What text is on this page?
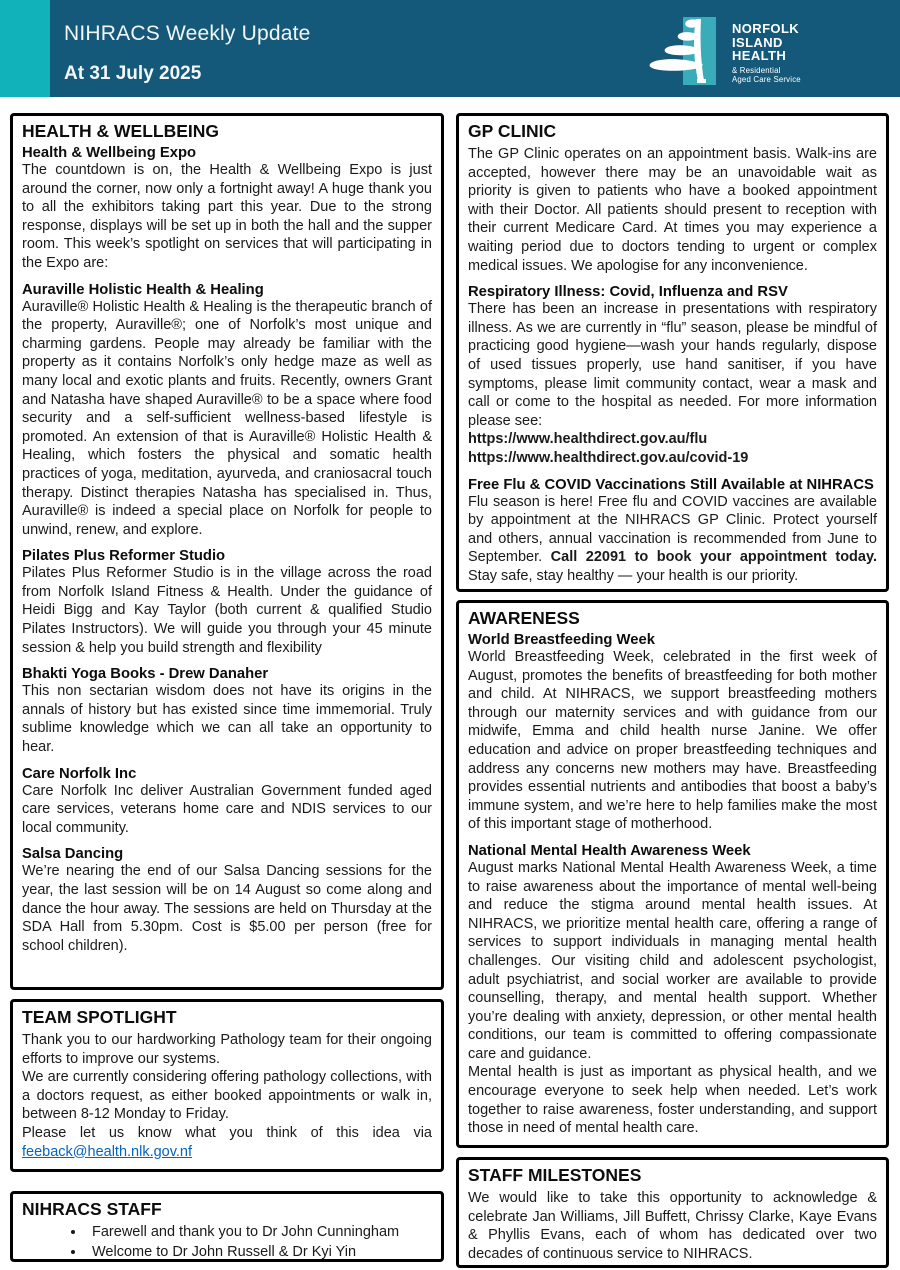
NIHRACS Weekly Update
At 31 July 2025
NORFOLK
ISLAND
HEALTH
& Residential
Aged Care Service
HEALTH & WELLBEING
Health & Wellbeing Expo

The countdown is on, the Health & Wellbeing Expo is just around the corner, now only a fortnight away! A huge thank you to all the exhibitors taking part this year. Due to the strong response, displays will be set up in both the hall and the supper room. This week’s spotlight on services that will participating in the Expo are:

Auraville Holistic Health & Healing

Auraville® Holistic Health & Healing is the therapeutic branch of the property, Auraville®; one of Norfolk’s most unique and charming gardens. People may already be familiar with the property as it contains Norfolk’s only hedge maze as well as many local and exotic plants and fruits. Recently, owners Grant and Natasha have shaped Auraville® to be a space where food security and a self-sufficient wellness-based lifestyle is promoted. An extension of that is Auraville® Holistic Health & Healing, which fosters the physical and somatic health practices of yoga, meditation, ayurveda, and craniosacral touch therapy. Distinct therapies Natasha has specialised in. Thus, Auraville® is indeed a special place on Norfolk for people to unwind, renew, and explore.

Pilates Plus Reformer Studio

Pilates Plus Reformer Studio is in the village across the road from Norfolk Island Fitness & Health. Under the guidance of Heidi Bigg and Kay Taylor (both current & qualified Studio Pilates Instructors). We will guide you through your 45 minute session & help you build strength and flexibility

Bhakti Yoga Books - Drew Danaher

This non sectarian wisdom does not have its origins in the annals of history but has existed since time immemorial. Truly sublime knowledge which we can all take an opportunity to hear.

Care Norfolk Inc

Care Norfolk Inc deliver Australian Government funded aged care services, veterans home care and NDIS services to our local community.

Salsa Dancing

We’re nearing the end of our Salsa Dancing sessions for the year, the last session will be on 14 August so come along and dance the hour away. The sessions are held on Thursday at the SDA Hall from 5.30pm. Cost is $5.00 per person (free for school children).

TEAM SPOTLIGHT

Thank you to our hardworking Pathology team for their ongoing efforts to improve our systems.

We are currently considering offering pathology collections, with a doctors request, as either booked appointments or walk in, between 8-12 Monday to Friday.

Please let us know what you think of this idea via feeback@health.nlk.gov.nf

NIHRACS STAFF
• Farewell and thank you to Dr John Cunningham
• Welcome to Dr John Russell & Dr Kyi Yin
GP CLINIC

The GP Clinic operates on an appointment basis. Walk-ins are accepted, however there may be an unavoidable wait as priority is given to patients who have a booked appointment with their Doctor. All patients should present to reception with their current Medicare Card. At times you may experience a waiting period due to doctors tending to urgent or complex medical issues. We apologise for any inconvenience.

Respiratory Illness: Covid, Influenza and RSV

There has been an increase in presentations with respiratory illness. As we are currently in “flu” season, please be mindful of practicing good hygiene—wash your hands regularly, dispose of used tissues properly, use hand sanitiser, if you have symptoms, please limit community contact, wear a mask and call or come to the hospital as needed. For more information please see:

https://www.healthdirect.gov.au/flu
https://www.healthdirect.gov.au/covid-19
Free Flu & COVID Vaccinations Still Available at NIHRACS

Flu season is here! Free flu and COVID vaccines are available by appointment at the NIHRACS GP Clinic. Protect yourself and others, annual vaccination is recommended from June to September. Call 22091 to book your appointment today. Stay safe, stay healthy — your health is our priority.

AWARENESS
World Breastfeeding Week

World Breastfeeding Week, celebrated in the first week of August, promotes the benefits of breastfeeding for both mother and child. At NIHRACS, we support breastfeeding mothers through our maternity services and with guidance from our midwife, Emma and child health nurse Janine. We offer education and advice on proper breastfeeding techniques and address any concerns new mothers may have. Breastfeeding provides essential nutrients and antibodies that boost a baby’s immune system, and we’re here to help families make the most of this important stage of motherhood.

National Mental Health Awareness Week

August marks National Mental Health Awareness Week, a time to raise awareness about the importance of mental well-being and reduce the stigma around mental health issues. At NIHRACS, we prioritize mental health care, offering a range of services to support individuals in managing mental health challenges. Our visiting child and adolescent psychologist, adult psychiatrist, and social worker are available to provide counselling, therapy, and mental health support. Whether you’re dealing with anxiety, depression, or other mental health conditions, our team is committed to offering compassionate care and guidance.

Mental health is just as important as physical health, and we encourage everyone to seek help when needed. Let’s work together to raise awareness, foster understanding, and support those in need of mental health care.

STAFF MILESTONES

We would like to take this opportunity to acknowledge & celebrate Jan Williams, Jill Buffett, Chrissy Clarke, Kaye Evans & Phyllis Evans, each of whom has dedicated over two decades of continuous service to NIHRACS.
